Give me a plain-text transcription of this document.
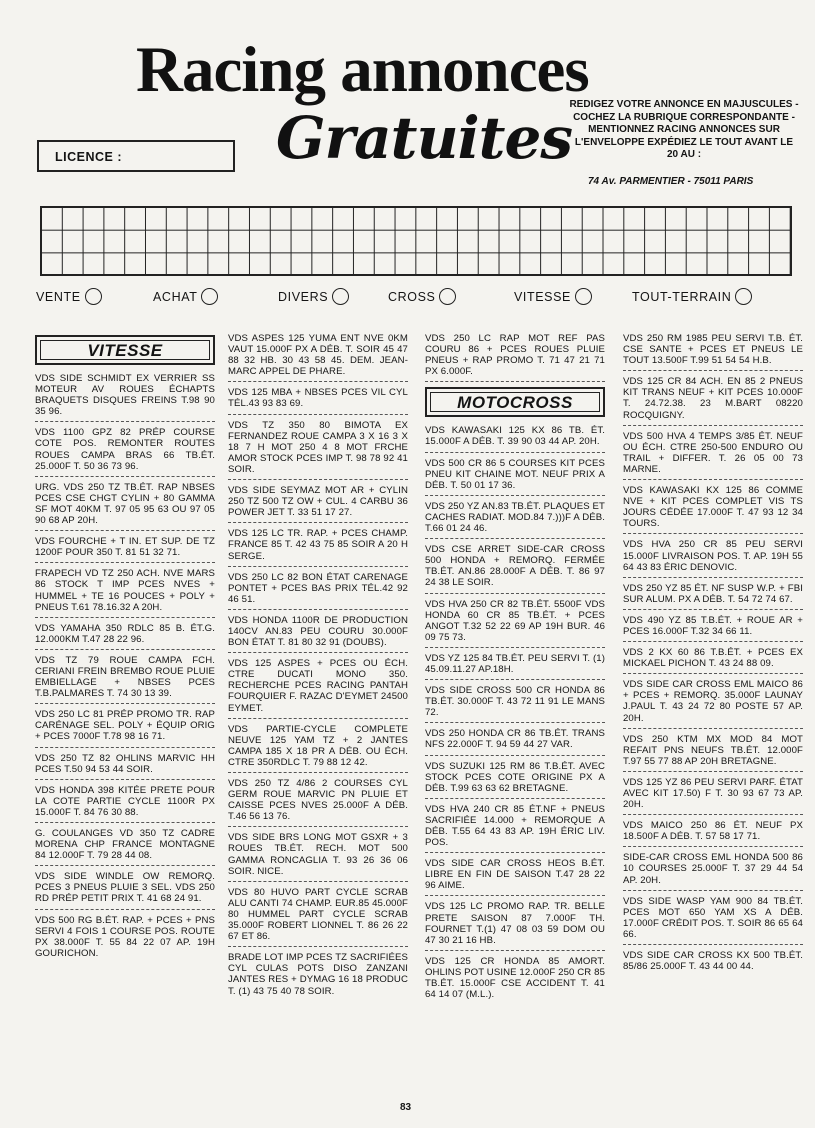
Racing annonces
Gratuites
LICENCE :
REDIGEZ VOTRE ANNONCE EN MAJUSCULES - COCHEZ LA RUBRIQUE CORRESPONDANTE - MENTIONNEZ RACING ANNONCES SUR L'ENVELOPPE EXPÉDIEZ LE TOUT AVANT LE 20 AU :
74 Av. PARMENTIER - 75011 PARIS
VENTE	ACHAT	DIVERS	CROSS	VITESSE	TOUT-TERRAIN
VITESSE
VDS SIDE SCHMIDT EX VERRIER SS MOTEUR AV ROUES ÉCHAPTS BRAQUETS DISQUES FREINS T.98 90 35 96.
VDS 1100 GPZ 82 PRÉP COURSE COTE POS. REMONTER ROUTES ROUES CAMPA BRAS 66 TB.ÉT. 25.000F T. 50 36 73 96.
URG. VDS 250 TZ TB.ÉT. RAP NBSES PCES CSE CHGT CYLIN + 80 GAMMA SF MOT 40KM T. 97 05 95 63 OU 97 05 90 68 AP 20H.
VDS FOURCHE + T IN. ET SUP. DE TZ 1200F POUR 350 T. 81 51 32 71.
FRAPECH VD TZ 250 ACH. NVE MARS 86 STOCK T IMP PCES NVES + HUMMEL + TE 16 POUCES + POLY + PNEUS T.61 78.16.32 A 20H.
VDS YAMAHA 350 RDLC 85 B. ÉT.G. 12.000KM T.47 28 22 96.
VDS TZ 79 ROUE CAMPA FCH. CERIANI FREIN BREMBO ROUE PLUIE EMBIELLAGE + NBSES PCES T.B.PALMARES T. 74 30 13 39.
VDS 250 LC 81 PRÉP PROMO TR. RAP CARÉNAGE SEL. POLY + ÉQUIP ORIG + PCES 7000F T.78 98 16 71.
VDS 250 TZ 82 OHLINS MARVIC HH PCES T.50 94 53 44 SOIR.
VDS HONDA 398 KITÉE PRETE POUR LA COTE PARTIE CYCLE 1100R PX 15.000F T. 84 76 30 88.
G. COULANGES VD 350 TZ CADRE MORENA CHP FRANCE MONTAGNE 84 12.000F T. 79 28 44 08.
VDS SIDE WINDLE OW REMORQ. PCES 3 PNEUS PLUIE 3 SEL. VDS 250 RD PRÉP PETIT PRIX T. 41 68 24 91.
VDS 500 RG B.ÉT. RAP. + PCES + PNS SERVI 4 FOIS 1 COURSE POS. ROUTE PX 38.000F T. 55 84 22 07 AP. 19H GOURICHON.
VDS ASPES 125 YUMA ENT NVE 0KM VAUT 15.000F PX A DÉB. T. SOIR 45 47 88 32 HB. 30 43 58 45. DEM. JEAN-MARC APPEL DE PHARE.
VDS 125 MBA + NBSES PCES VIL CYL TÉL.43 93 83 69.
VDS TZ 350 80 BIMOTA EX FERNANDEZ ROUE CAMPA 3 X 16 3 X 18 7 H MOT 250 4 8 MOT FRCHE AMOR STOCK PCES IMP T. 98 78 92 41 SOIR.
VDS SIDE SEYMAZ MOT AR + CYLIN 250 TZ 500 TZ OW + CUL. 4 CARBU 36 POWER JET T. 33 51 17 27.
VDS 125 LC TR. RAP. + PCES CHAMP. FRANCE 85 T. 42 43 75 85 SOIR A 20 H SERGE.
VDS 250 LC 82 BON ÉTAT CARENAGE PONTET + PCES BAS PRIX TÉL.42 92 46 51.
VDS HONDA 1100R DE PRODUCTION 140CV AN.83 PEU COURU 30.000F BON ÉTAT T. 81 80 32 91 (DOUBS).
VDS 125 ASPES + PCES OU ÉCH. CTRE DUCATI MONO 350. RECHERCHE PCES RACING PANTAH FOURQUIER F. RAZAC D'EYMET 24500 EYMET.
VDS PARTIE-CYCLE COMPLETE NEUVE 125 YAM TZ + 2 JANTES CAMPA 185 X 18 PR A DÉB. OU ÉCH. CTRE 350RDLC T. 79 88 12 42.
VDS 250 TZ 4/86 2 COURSES CYL GERM ROUE MARVIC PN PLUIE ET CAISSE PCES NVES 25.000F A DÉB. T.46 56 13 76.
VDS SIDE BRS LONG MOT GSXR + 3 ROUES TB.ÉT. RECH. MOT 500 GAMMA RONCAGLIA T. 93 26 36 06 SOIR. NICE.
VDS 80 HUVO PART CYCLE SCRAB ALU CANTI 74 CHAMP. EUR.85 45.000F 80 HUMMEL PART CYCLE SCRAB 35.000F ROBERT LIONNEL T. 86 26 22 67 ET 86.
BRADE LOT IMP PCES TZ SACRIFIÉES CYL CULAS POTS DISO ZANZANI JANTES RES + DYMAG 16 18 PRODUC T. (1) 43 75 40 78 SOIR.
VDS 250 LC RAP MOT REF PAS COURU 86 + PCES ROUES PLUIE PNEUS + RAP PROMO T. 71 47 21 71 PX 6.000F.
MOTOCROSS
VDS KAWASAKI 125 KX 86 TB. ÉT. 15.000F A DÉB. T. 39 90 03 44 AP. 20H.
VDS 500 CR 86 5 COURSES KIT PCES PNEU KIT CHAINE MOT. NEUF PRIX A DÉB. T. 50 01 17 36.
VDS 250 YZ AN.83 TB.ÉT. PLAQUES ET CACHES RADIAT. MOD.84 7.)))F A DÉB. T.66 01 24 46.
VDS CSE ARRET SIDE-CAR CROSS 500 HONDA + REMORQ. FERMÉE TB.ÉT. AN.86 28.000F A DÉB. T. 86 97 24 38 LE SOIR.
VDS HVA 250 CR 82 TB.ÉT. 5500F VDS HONDA 60 CR 85 TB.ÉT. + PCES ANGOT T.32 52 22 69 AP 19H BUR. 46 09 75 73.
VDS YZ 125 84 TB.ÉT. PEU SERVI T. (1) 45.09.11.27 AP.18H.
VDS SIDE CROSS 500 CR HONDA 86 TB.ÉT. 30.000F T. 43 72 11 91 LE MANS 72.
VDS 250 HONDA CR 86 TB.ÉT. TRANS NFS 22.000F T. 94 59 44 27 VAR.
VDS SUZUKI 125 RM 86 T.B.ÉT. AVEC STOCK PCES COTE ORIGINE PX A DÉB. T.99 63 63 62 BRETAGNE.
VDS HVA 240 CR 85 ÉT.NF + PNEUS SACRIFIÉE 14.000 + REMORQUE A DÉB. T.55 64 43 83 AP. 19H ÉRIC LIV. POS.
VDS SIDE CAR CROSS HEOS B.ÉT. LIBRE EN FIN DE SAISON T.47 28 22 96 AIME.
VDS 125 LC PROMO RAP. TR. BELLE PRETE SAISON 87 7.000F TH. FOURNET T.(1) 47 08 03 59 DOM OU 47 30 21 16 HB.
VDS 125 CR HONDA 85 AMORT. OHLINS POT USINE 12.000F 250 CR 85 TB.ÉT. 15.000F CSE ACCIDENT T. 41 64 14 07 (M.L.).
VDS 250 RM 1985 PEU SERVI T.B. ÉT. CSE SANTE + PCES ET PNEUS LE TOUT 13.500F T.99 51 54 54 H.B.
VDS 125 CR 84 ACH. EN 85 2 PNEUS KIT TRANS NEUF + KIT PCES 10.000F T. 24.72.38. 23 M.BART 08220 ROCQUIGNY.
VDS 500 HVA 4 TEMPS 3/85 ÉT. NEUF OU ÉCH. CTRE 250-500 ENDURO OU TRAIL + DIFFER. T. 26 05 00 73 MARNE.
VDS KAWASAKI KX 125 86 COMME NVE + KIT PCES COMPLET VIS TS JOURS CÉDÉE 17.000F T. 47 93 12 34 TOURS.
VDS HVA 250 CR 85 PEU SERVI 15.000F LIVRAISON POS. T. AP. 19H 55 64 43 83 ÉRIC DENOVIC.
VDS 250 YZ 85 ÉT. NF SUSP W.P. + FBI SUR ALUM. PX A DÉB. T. 54 72 74 67.
VDS 490 YZ 85 T.B.ÉT. + ROUE AR + PCES 16.000F T.32 34 66 11.
VDS 2 KX 60 86 T.B.ÉT. + PCES EX MICKAEL PICHON T. 43 24 88 09.
VDS SIDE CAR CROSS EML MAICO 86 + PCES + REMORQ. 35.000F LAUNAY J.PAUL T. 43 24 72 80 POSTE 57 AP. 20H.
VDS 250 KTM MX MOD 84 MOT REFAIT PNS NEUFS TB.ÉT. 12.000F T.97 55 77 88 AP 20H BRETAGNE.
VDS 125 YZ 86 PEU SERVI PARF. ÉTAT AVEC KIT 17.50) F T. 30 93 67 73 AP. 20H.
VDS MAICO 250 86 ÉT. NEUF PX 18.500F A DÉB. T. 57 58 17 71.
SIDE-CAR CROSS EML HONDA 500 86 10 COURSES 25.000F T. 37 29 44 54 AP. 20H.
VDS SIDE WASP YAM 900 84 TB.ÉT. PCES MOT 650 YAM XS A DÉB. 17.000F CRÉDIT POS. T. SOIR 86 65 64 66.
VDS SIDE CAR CROSS KX 500 TB.ÉT. 85/86 25.000F T. 43 44 00 44.
83
